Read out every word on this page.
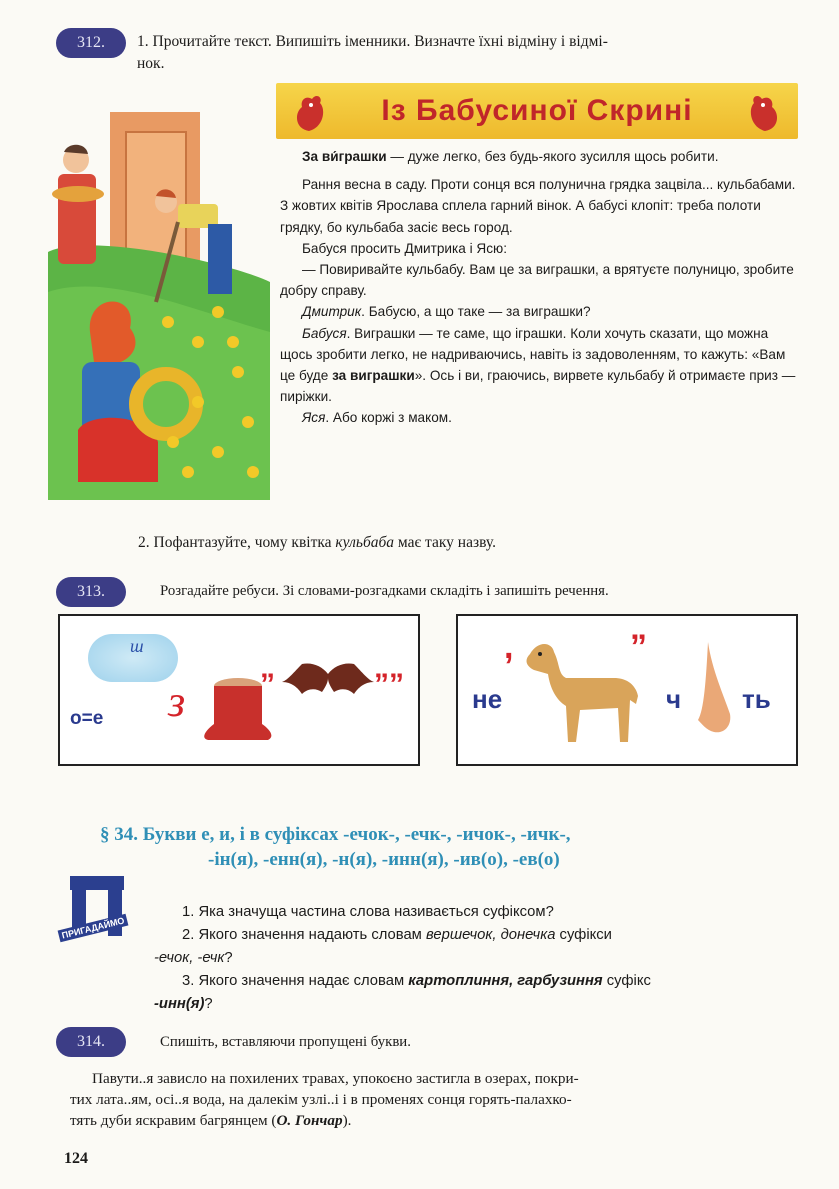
312.	1. Прочитайте текст. Випишіть іменники. Визначте їхні відміну і відмі-
нок.
Із Бабусиної Скрині

За ви́грашки — дуже легко, без будь-якого зусилля щось робити.

Рання весна в саду. Проти сонця вся полунична грядка зацвіла... кульбабами. З жовтих квітів Ярослава сплела гарний вінок. А бабусі клопіт: треба полоти грядку, бо кульбаба засіє весь город.

Бабуся просить Дмитрика і Ясю:

— Повиривайте кульбабу. Вам це за виграшки, а врятуєте полуницю, зробите добру справу.

Дмитрик. Бабусю, а що таке — за виграшки?

Бабуся. Виграшки — те саме, що іграшки. Коли хочуть сказати, що можна щось зробити легко, не надриваючись, навіть із задоволенням, то кажуть: «Вам це буде за виграшки». Ось і ви, граючись, вирвете кульбабу й отримаєте приз — пиріжки.

Яся. Або коржі з маком.

2. Пофантазуйте, чому квітка кульбаба має таку назву.
313.	Розгадайте ребуси. Зі словами-розгадками складіть і запишіть речення.
ш
о=е з ”	””
,
не
”
ч ть
§ 34. Букви е, и, і в суфіксах -ечок-, -ечк-, -ичок-, -ичк-,
-ін(я), -енн(я), -н(я), -инн(я), -ив(о), -ев(о)
ПРИГАДАЙМО
1. Яка значуща частина слова називається суфіксом?
2. Якого значення надають словам вершечок, донечка суфікси
-ечок, -ечк?
3. Якого значення надає словам картоплиння, гарбузиння суфікс
-инн(я)?
314.	Спишіть, вставляючи пропущені букви.
Павути..я зависло на похилених травах, упокоєно застигла в озерах, покри-
тих лата..ям, осі..я вода, на далекім узлі..і і в променях сонця горять-палахко-
тять дуби яскравим багрянцем (О. Гончар).
124
